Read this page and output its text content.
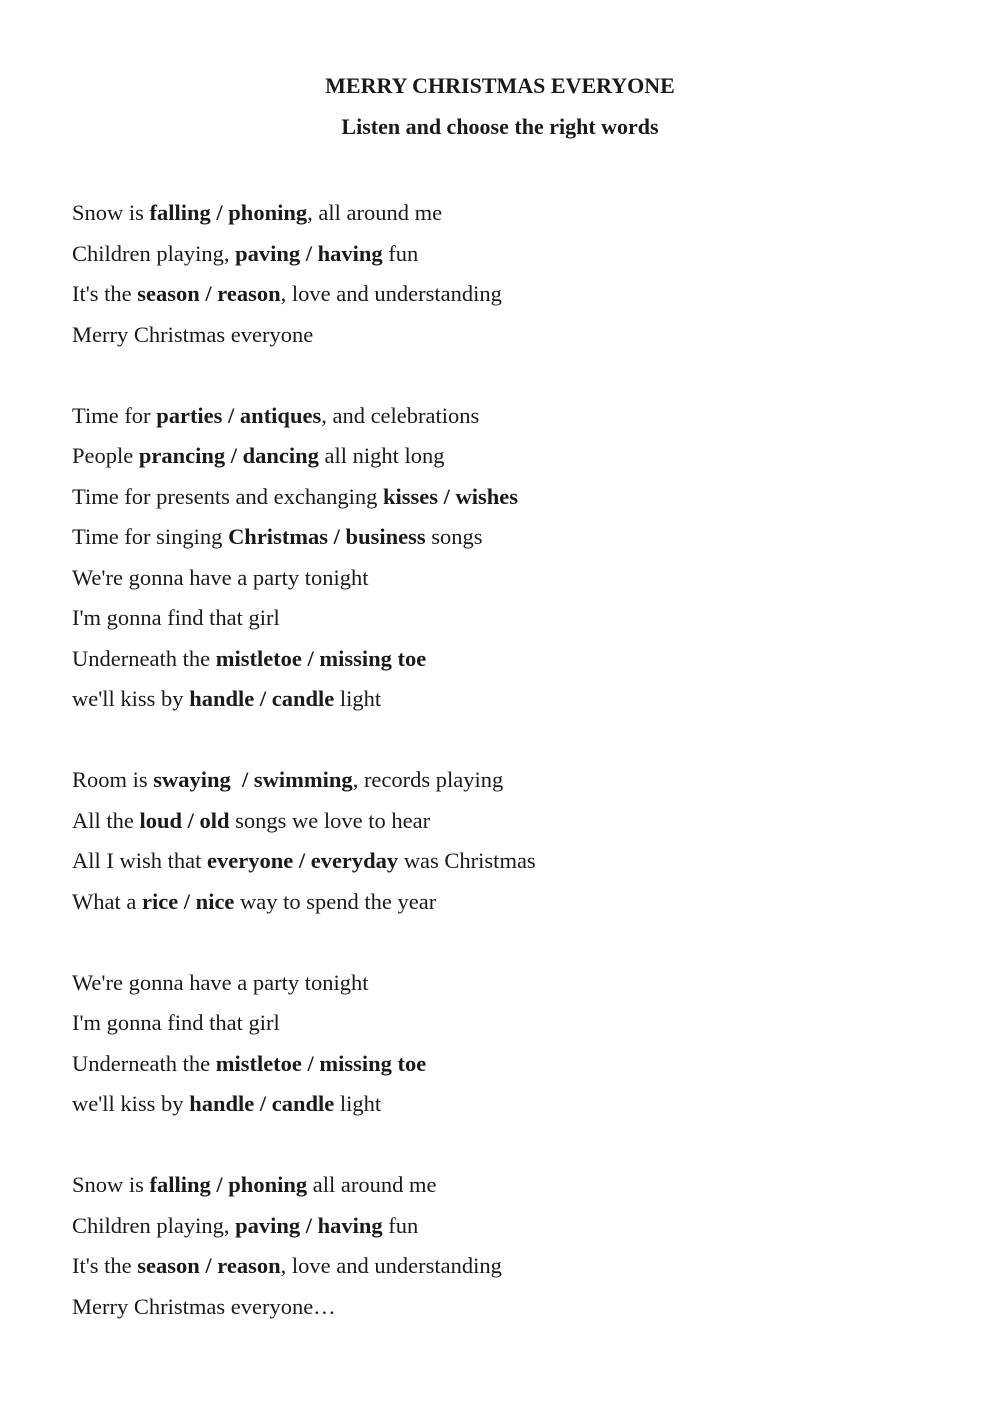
MERRY CHRISTMAS EVERYONE
Listen and choose the right words
Snow is falling / phoning, all around me
Children playing, paving / having fun
It's the season / reason, love and understanding
Merry Christmas everyone
Time for parties / antiques, and celebrations
People prancing / dancing all night long
Time for presents and exchanging kisses / wishes
Time for singing Christmas / business songs
We're gonna have a party tonight
I'm gonna find that girl
Underneath the mistletoe / missing toe
we'll kiss by handle / candle light
Room is swaying  / swimming, records playing
All the loud / old songs we love to hear
All I wish that everyone / everyday was Christmas
What a rice / nice way to spend the year
We're gonna have a party tonight
I'm gonna find that girl
Underneath the mistletoe / missing toe
we'll kiss by handle / candle light
Snow is falling / phoning all around me
Children playing, paving / having fun
It's the season / reason, love and understanding
Merry Christmas everyone…
